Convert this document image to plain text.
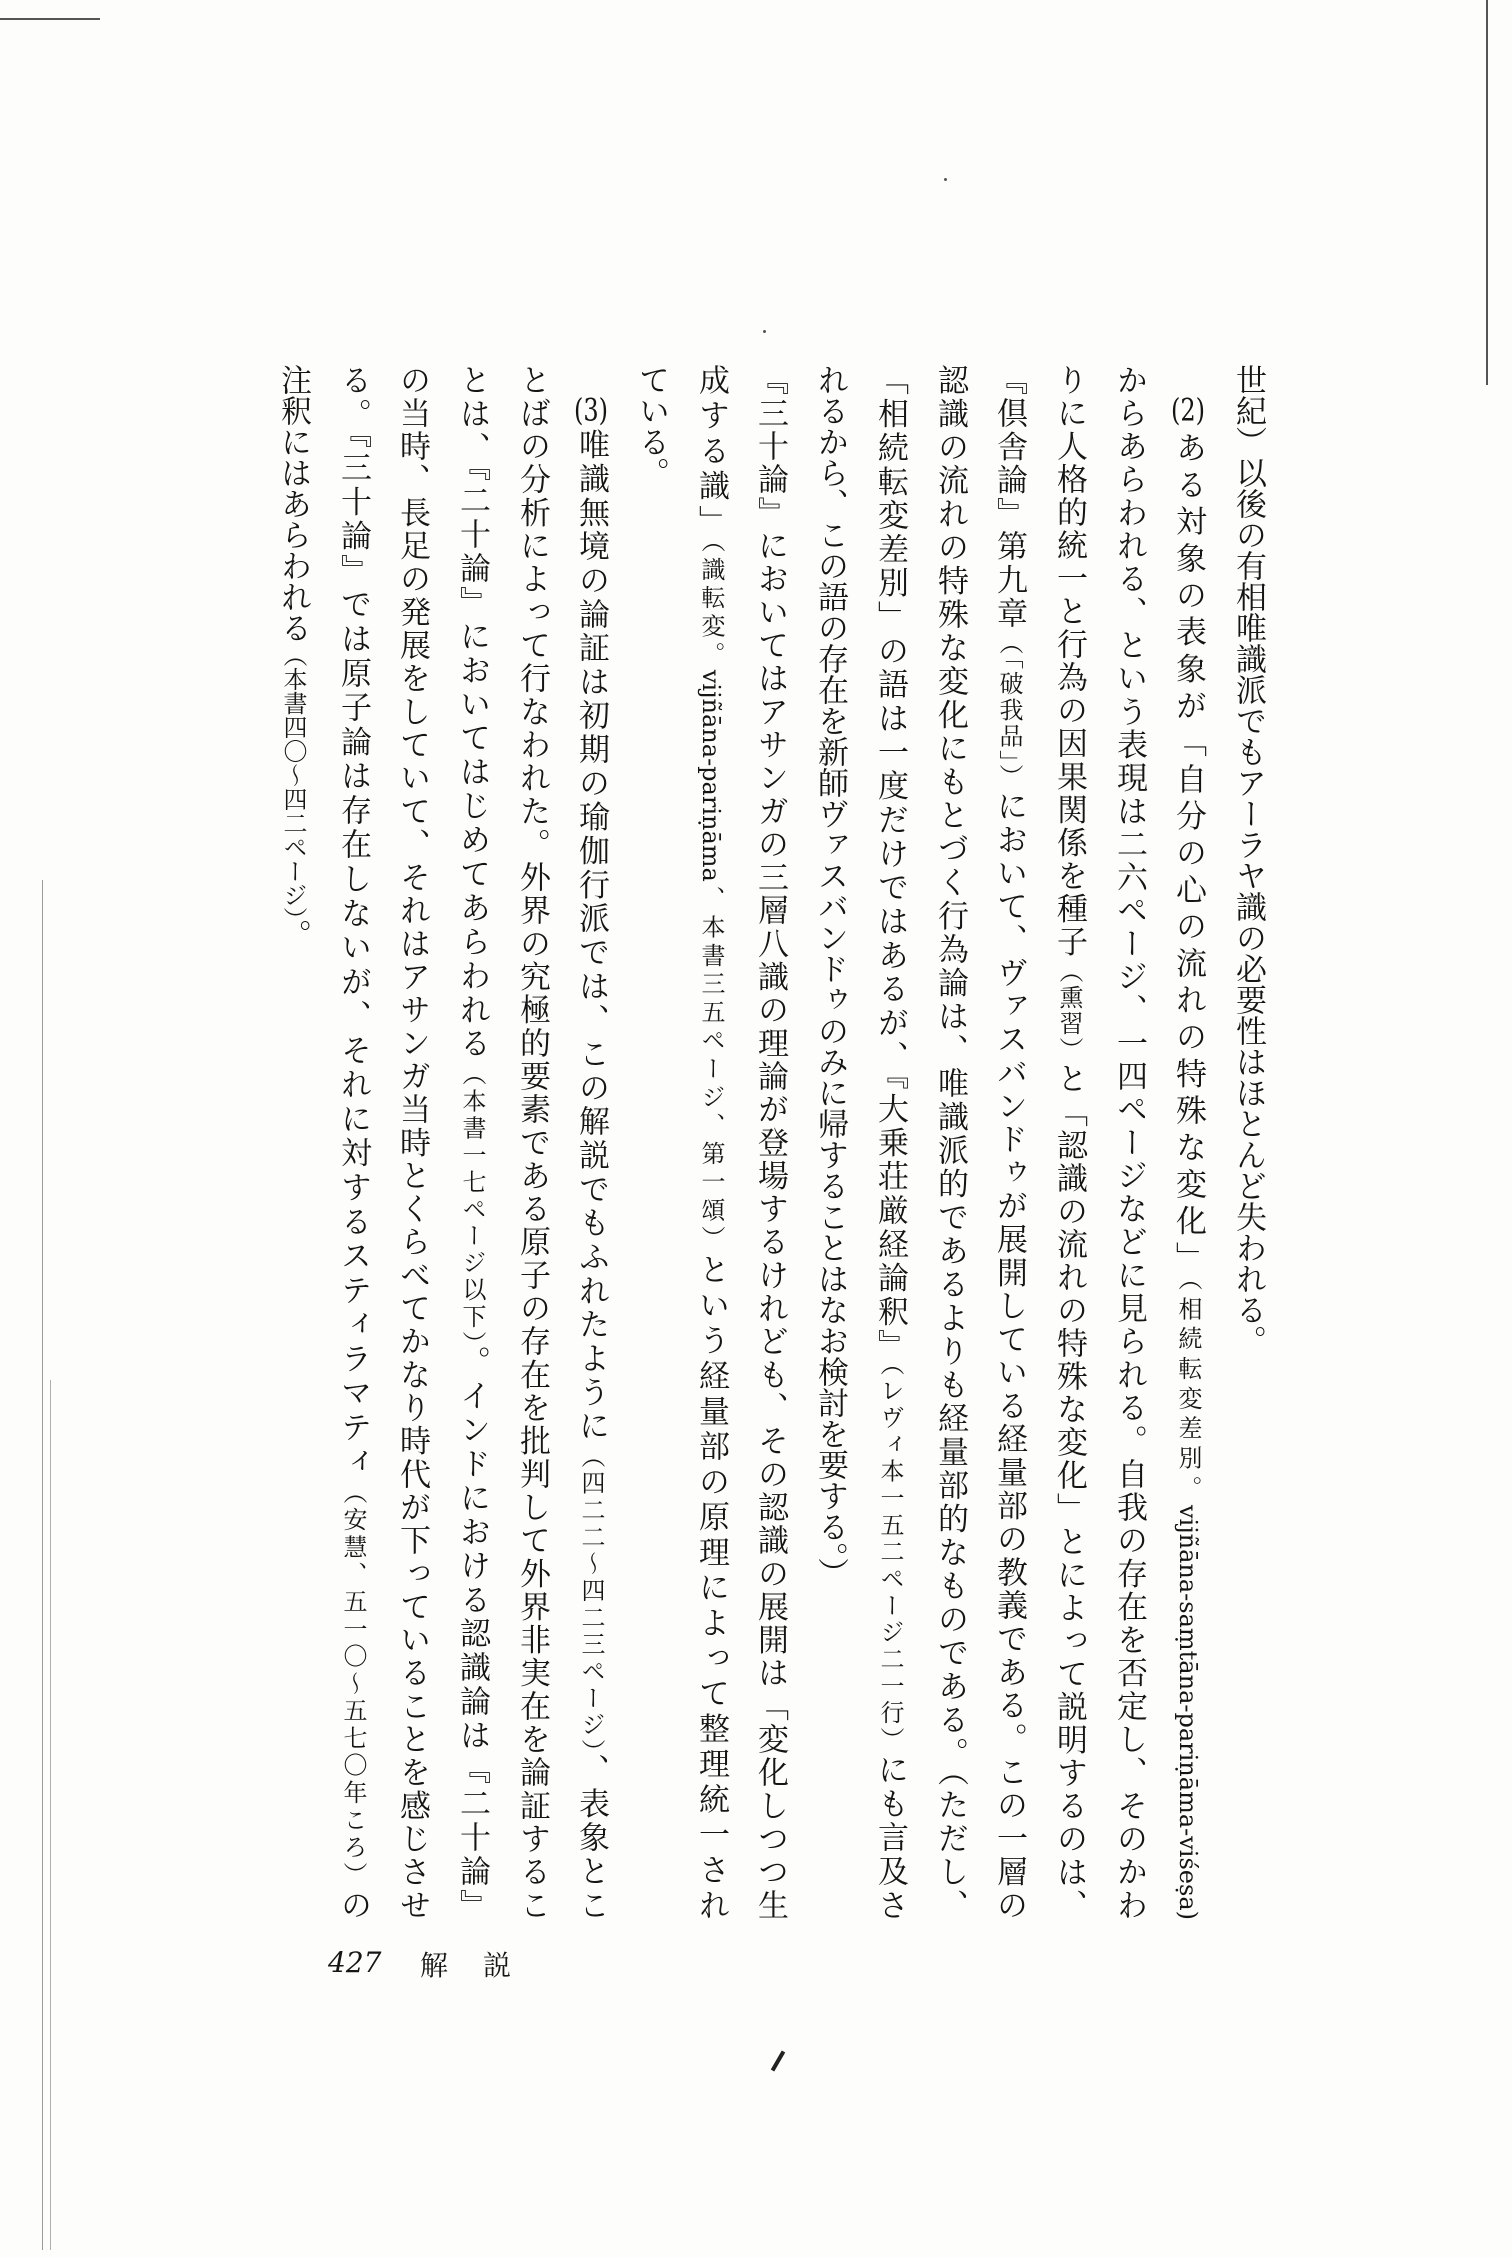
世紀）以後の有相唯識派でもアーラヤ識の必要性はほとんど失われる。
(2)ある対象の表象が「自分の心の流れの特殊な変化」（相続転変差別。vijñāna-saṃtāna-pariṇāma-viśeṣa)
からあらわれる、という表現は二六ページ、一四ページなどに見られる。自我の存在を否定し、そのかわ
りに人格的統一と行為の因果関係を種子（熏習）と「認識の流れの特殊な変化」とによって説明するのは、
『倶舎論』第九章（「破我品」）において、ヴァスバンドゥが展開している経量部の教義である。この一層の
認識の流れの特殊な変化にもとづく行為論は、唯識派的であるよりも経量部的なものである。（ただし、
「相続転変差別」の語は一度だけではあるが、『大乗荘厳経論釈』（レヴィ本一五二ページ二一行）にも言及さ
れるから、この語の存在を新師ヴァスバンドゥのみに帰することはなお検討を要する。）
『三十論』においてはアサンガの三層八識の理論が登場するけれども、その認識の展開は「変化しつつ生
成する識」（識転変。vijñāna-pariṇāma、本書三五ページ、第一頌）という経量部の原理によって整理統一され
ている。
(3)唯識無境の論証は初期の瑜伽行派では、この解説でもふれたように（四二二～四二三ページ）、表象とこ
とばの分析によって行なわれた。外界の究極的要素である原子の存在を批判して外界非実在を論証するこ
とは、『二十論』においてはじめてあらわれる（本書一七ページ以下）。インドにおける認識論は『二十論』
の当時、長足の発展をしていて、それはアサンガ当時とくらべてかなり時代が下っていることを感じさせ
る。『三十論』では原子論は存在しないが、それに対するスティラマティ（安慧、五一〇～五七〇年ころ）の
注釈にはあらわれる（本書四〇～四二ページ）。
427 解説
